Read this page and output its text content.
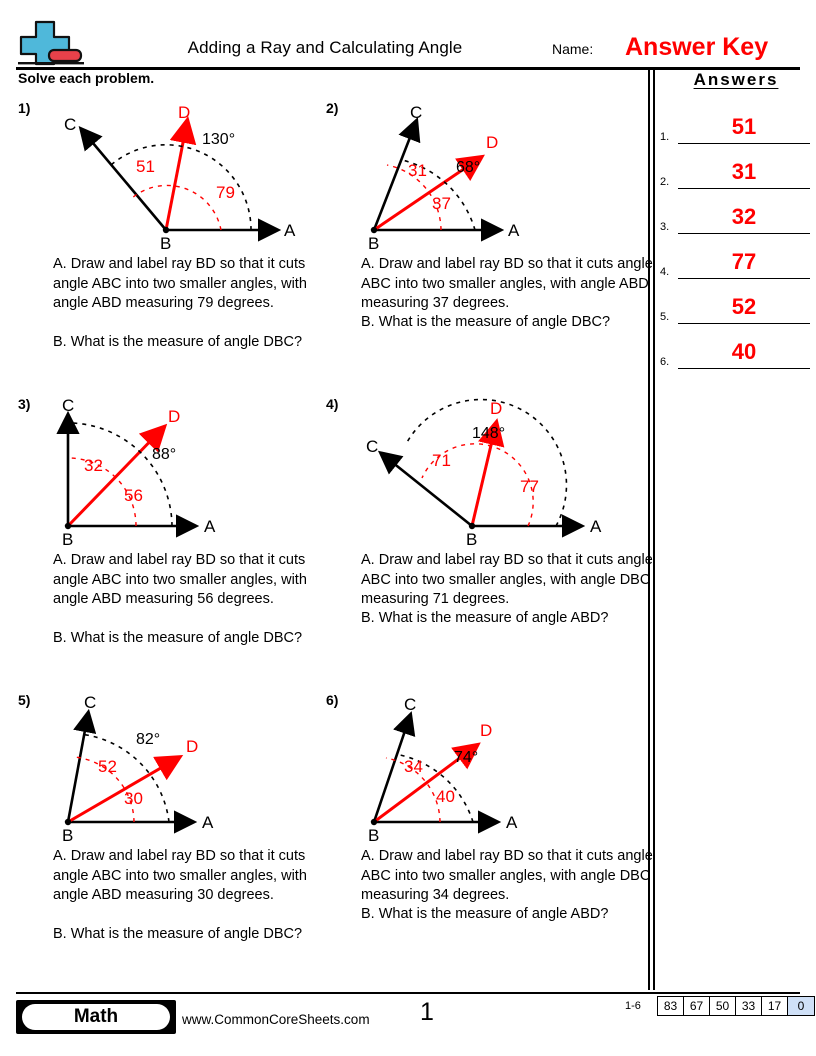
Adding a Ray and Calculating Angle	Name: Answer Key
Solve each problem.	Answers
1.	51
2.	31
3.	32
4.	77
5.	52
6.	40
1)
A
B
C
D
130°
51
79
A. Draw and label ray BD so that it cuts angle ABC into two smaller angles, with angle ABD measuring 79 degrees.
B. What is the measure of angle DBC?
2)
A
B
C
D
68°
31
37
A. Draw and label ray BD so that it cuts angle ABC into two smaller angles, with angle ABD measuring 37 degrees.
B. What is the measure of angle DBC?
3)
A
B
C
D
88°
32
56
A. Draw and label ray BD so that it cuts angle ABC into two smaller angles, with angle ABD measuring 56 degrees.
B. What is the measure of angle DBC?
4)
A
B
C
D
148°
71
77
A. Draw and label ray BD so that it cuts angle ABC into two smaller angles, with angle DBC measuring 71 degrees.
B. What is the measure of angle ABD?
5)
A
B
C
D
82°
52
30
A. Draw and label ray BD so that it cuts angle ABC into two smaller angles, with angle ABD measuring 30 degrees.
B. What is the measure of angle DBC?
6)
A
B
C
D
74°
34
40
A. Draw and label ray BD so that it cuts angle ABC into two smaller angles, with angle DBC measuring 34 degrees.
B. What is the measure of angle ABD?
1-6	83	67	50	33	17	0
Math	www.CommonCoreSheets.com 1
